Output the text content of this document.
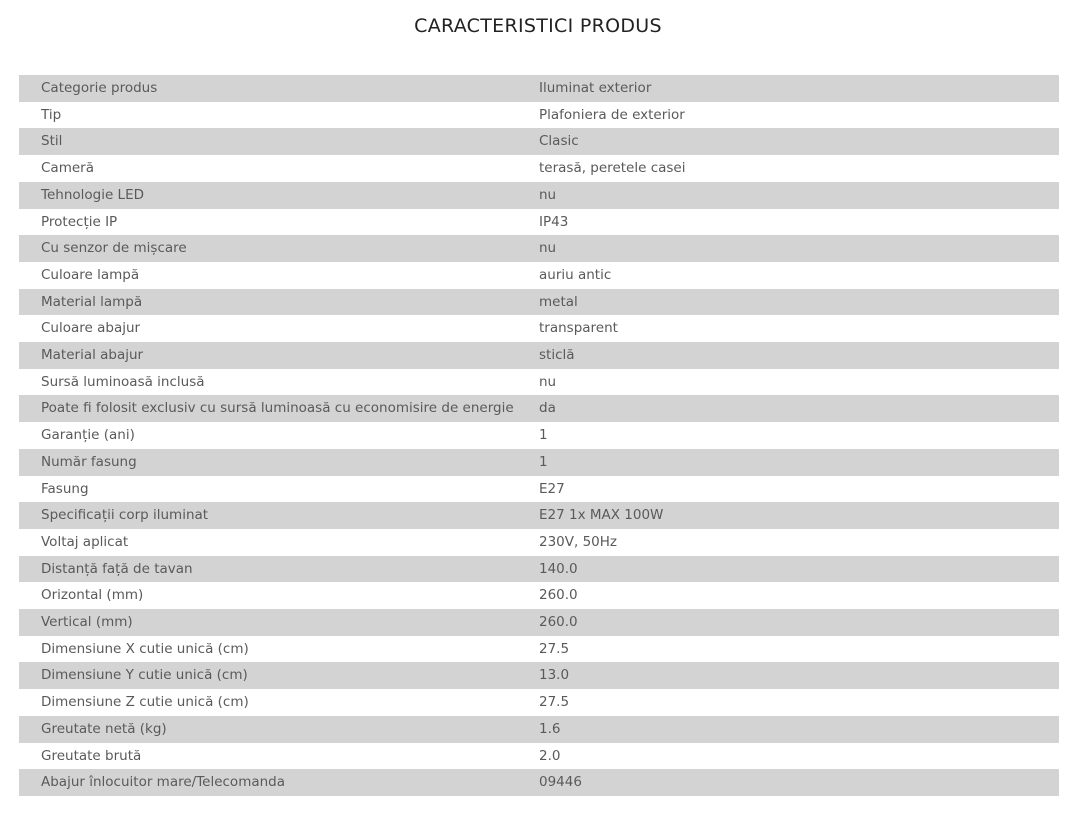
CARACTERISTICI PRODUS
Categorie produs	Iluminat exterior
Tip	Plafoniera de exterior
Stil	Clasic
Cameră	terasă, peretele casei
Tehnologie LED	nu
Protecție IP	IP43
Cu senzor de mișcare	nu
Culoare lampă	auriu antic
Material lampă	metal
Culoare abajur	transparent
Material abajur	sticlă
Sursă luminoasă inclusă	nu
Poate fi folosit exclusiv cu sursă luminoasă cu economisire de energie	da
Garanție (ani)	1
Număr fasung	1
Fasung	E27
Specificații corp iluminat	E27 1x MAX 100W
Voltaj aplicat	230V, 50Hz
Distanță față de tavan	140.0
Orizontal (mm)	260.0
Vertical (mm)	260.0
Dimensiune X cutie unică (cm)	27.5
Dimensiune Y cutie unică (cm)	13.0
Dimensiune Z cutie unică (cm)	27.5
Greutate netă (kg)	1.6
Greutate brută	2.0
Abajur înlocuitor mare/Telecomanda	09446
